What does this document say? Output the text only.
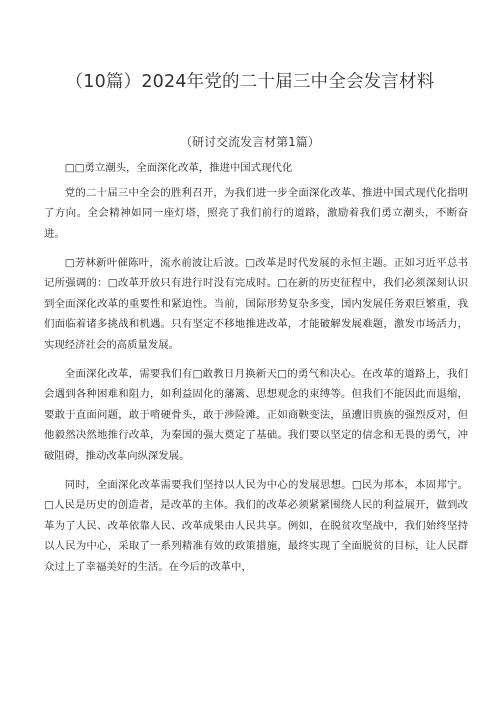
（10篇）2024年党的二十届三中全会发言材料
（研讨交流发言材第1篇）

□□勇立潮头，全面深化改革，推进中国式现代化

党的二十届三中全会的胜利召开，为我们进一步全面深化改革、推进中国式现代化指明了方向。全会精神如同一座灯塔，照亮了我们前行的道路，激励着我们勇立潮头，不断奋进。

□芳林新叶催陈叶，流水前波让后波。□改革是时代发展的永恒主题。正如习近平总书记所强调的：□改革开放只有进行时没有完成时。□在新的历史征程中，我们必须深刻认识到全面深化改革的重要性和紧迫性。当前，国际形势复杂多变，国内发展任务艰巨繁重，我们面临着诸多挑战和机遇。只有坚定不移地推进改革，才能破解发展难题，激发市场活力，实现经济社会的高质量发展。

全面深化改革，需要我们有□敢教日月换新天□的勇气和决心。在改革的道路上，我们会遇到各种困难和阻力，如利益固化的藩篱、思想观念的束缚等。但我们不能因此而退缩，要敢于直面问题，敢于啃硬骨头，敢于涉险滩。正如商鞅变法，虽遭旧贵族的强烈反对，但他毅然决然地推行改革，为秦国的强大奠定了基础。我们要以坚定的信念和无畏的勇气，冲破阻碍，推动改革向纵深发展。

同时，全面深化改革需要我们坚持以人民为中心的发展思想。□民为邦本，本固邦宁。□人民是历史的创造者，是改革的主体。我们的改革必须紧紧围绕人民的利益展开，做到改革为了人民、改革依靠人民、改革成果由人民共享。例如，在脱贫攻坚战中，我们始终坚持以人民为中心，采取了一系列精准有效的政策措施，最终实现了全面脱贫的目标，让人民群众过上了幸福美好的生活。在今后的改革中，
